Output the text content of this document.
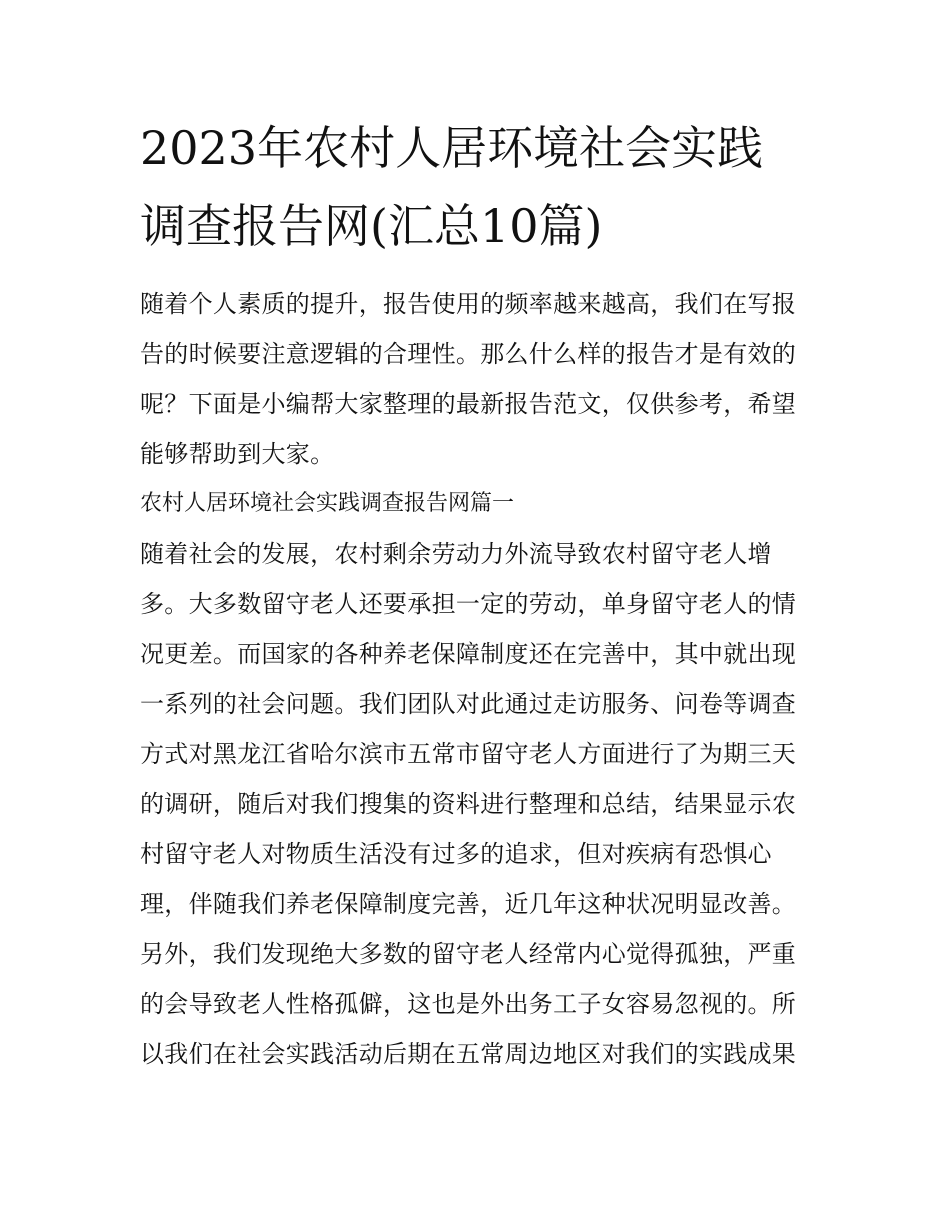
2023年农村人居环境社会实践
调查报告网(汇总10篇)
随着个人素质的提升，报告使用的频率越来越高，我们在写报
告的时候要注意逻辑的合理性。那么什么样的报告才是有效的
呢？下面是小编帮大家整理的最新报告范文，仅供参考，希望
能够帮助到大家。
农村人居环境社会实践调查报告网篇一
随着社会的发展，农村剩余劳动力外流导致农村留守老人增
多。大多数留守老人还要承担一定的劳动，单身留守老人的情
况更差。而国家的各种养老保障制度还在完善中，其中就出现
一系列的社会问题。我们团队对此通过走访服务、问卷等调查
方式对黑龙江省哈尔滨市五常市留守老人方面进行了为期三天
的调研，随后对我们搜集的资料进行整理和总结，结果显示农
村留守老人对物质生活没有过多的追求，但对疾病有恐惧心
理，伴随我们养老保障制度完善，近几年这种状况明显改善。
另外，我们发现绝大多数的留守老人经常内心觉得孤独，严重
的会导致老人性格孤僻，这也是外出务工子女容易忽视的。所
以我们在社会实践活动后期在五常周边地区对我们的实践成果
